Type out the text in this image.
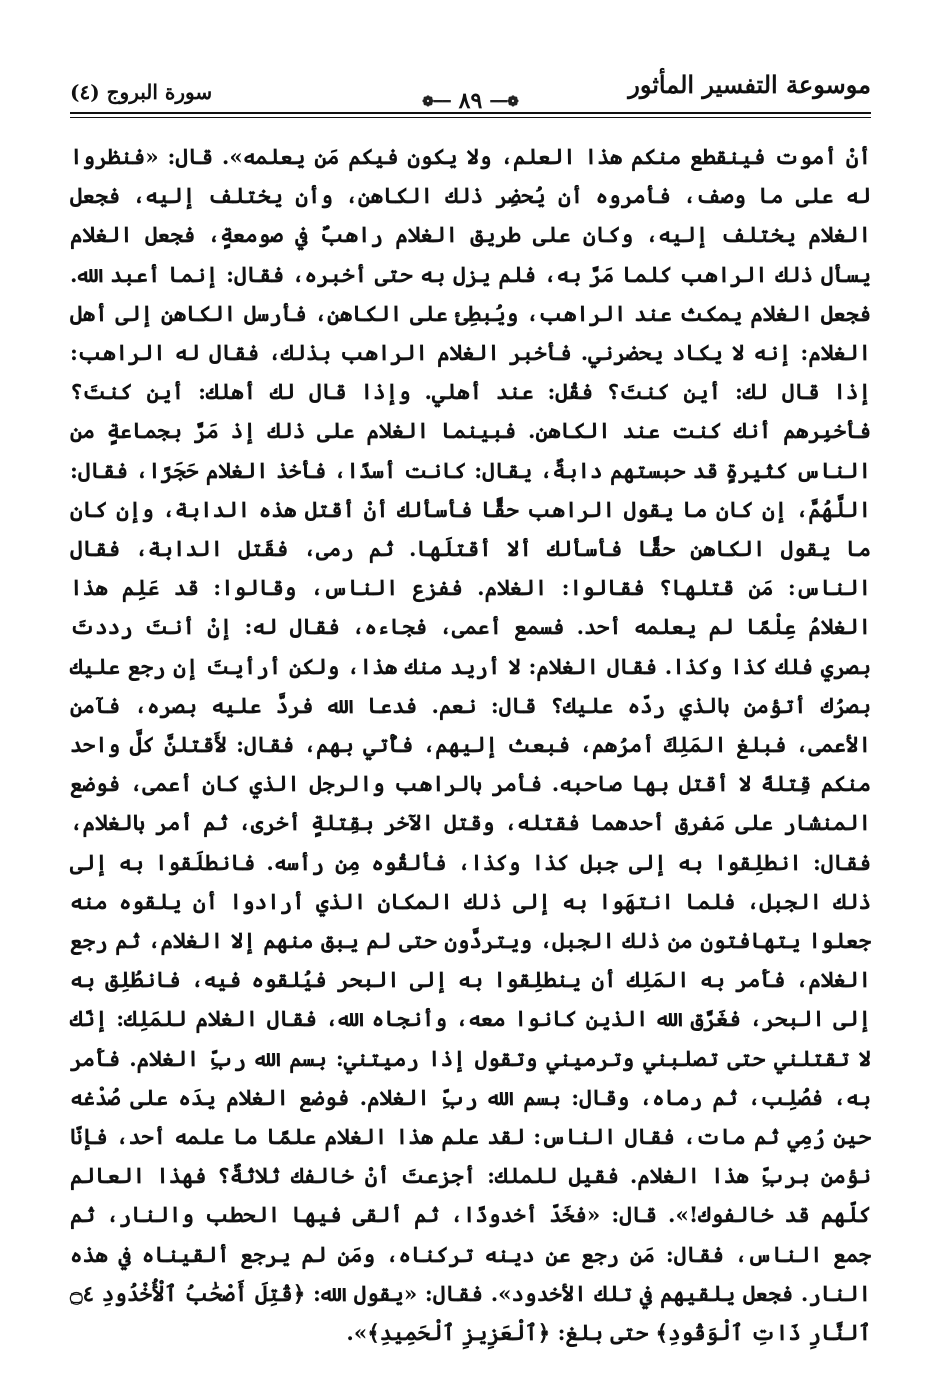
موسوعة التفسير المأثور
❁━━ ٨٩ ━━❁
سورة البروج (٤)

أنْ أموت فينقطع منكم هذا العلم، ولا يكون فيكم مَن يعلمه». قال: «فنظروا له على ما وصف، فأمروه أن يُحضِر ذلك الكاهن، وأن يختلف إليه، فجعل الغلام يختلف إليه، وكان على طريق الغلام راهبٌ في صومعةٍ، فجعل الغلام يسأل ذلك الراهب كلما مَرَّ به، فلم يزل به حتى أخبره، فقال: إنما أعبد الله. فجعل الغلام يمكث عند الراهب، ويُبطِئ على الكاهن، فأرسل الكاهن إلى أهل الغلام: إنه لا يكاد يحضرني. فأخبر الغلام الراهب بذلك، فقال له الراهب: إذا قال لك: أين كنتَ؟ فقُل: عند أهلي. وإذا قال لك أهلك: أين كنتَ؟ فأخبِرهم أنك كنت عند الكاهن. فبينما الغلام على ذلك إذ مَرَّ بجماعةٍ من الناس كثيرةٍ قد حبستهم دابةٌ، يقال: كانت أسدًا، فأخذ الغلام حَجَرًا، فقال: اللَّهُمَّ، إن كان ما يقول الراهب حقًّا فأسألك أنْ أقتل هذه الدابة، وإن كان ما يقول الكاهن حقًّا فأسألك ألا أقتلَها. ثم رمى، فقَتل الدابة، فقال الناس: مَن قتلها؟ فقالوا: الغلام. ففزع الناس، وقالوا: قد عَلِم هذا الغلامُ عِلْمًا لم يعلمه أحد. فسمع أعمى، فجاءه، فقال له: إنْ أنتَ رددتَ بصري فلك كذا وكذا. فقال الغلام: لا أريد منك هذا، ولكن أرأيتَ إن رجع عليك بصرُك أتؤمن بالذي ردّه عليك؟ قال: نعم. فدعا الله فردَّ عليه بصره، فآمن الأعمى، فبلغ المَلِكَ أمرُهم، فبعث إليهم، فأُتي بهم، فقال: لأَقتلنَّ كلَّ واحد منكم قِتلةً لا أقتل بها صاحبه. فأمر بالراهب والرجل الذي كان أعمى، فوضع المنشار على مَفرق أحدهما فقتله، وقتل الآخر بقِتلةٍ أخرى، ثم أمر بالغلام، فقال: انطلِقوا به إلى جبل كذا وكذا، فألقُوه مِن رأسه. فانطلَقوا به إلى ذلك الجبل، فلما انتهَوا به إلى ذلك المكان الذي أرادوا أن يلقوه منه جعلوا يتهافتون من ذلك الجبل، ويتردَّون حتى لم يبق منهم إلا الغلام، ثم رجع الغلام، فأَمر به المَلِك أن ينطلِقوا به إلى البحر فيُلقوه فيه، فانطُلِق به إلى البحر، فغَرَّق الله الذين كانوا معه، وأنجاه الله، فقال الغلام للمَلِك: إنّك لا تقتلني حتى تصلبني وترميني وتقول إذا رميتني: بسم الله ربِّ الغلام. فأَمر به، فصُلِب، ثم رماه، وقال: بسم الله ربِّ الغلام. فوضع الغلام يدَه على صُدْغه حين رُمِي ثم مات، فقال الناس: لقد علم هذا الغلام علمًا ما علمه أحد، فإنّا نؤمن بربِّ هذا الغلام. فقيل للملك: أجزعتَ أنْ خالفك ثلاثةٌ؟ فهذا العالم كلّهم قد خالفوك!». قال: «فخَدّ أخدودًا، ثم ألقى فيها الحطب والنار، ثم جمع الناس، فقال: مَن رجع عن دينه تركناه، ومَن لم يرجع ألقيناه في هذه النار. فجعل يلقيهم في تلك الأخدود». فقال: «يقول الله: ﴿قُتِلَ أَصْحَٰبُ ٱلْأُخْدُودِ ۝٤ ٱلنَّارِ ذَاتِ ٱلْوَقُودِ﴾ حتى بلغ: ﴿ٱلْعَزِيزِ ٱلْحَمِيدِ﴾».
